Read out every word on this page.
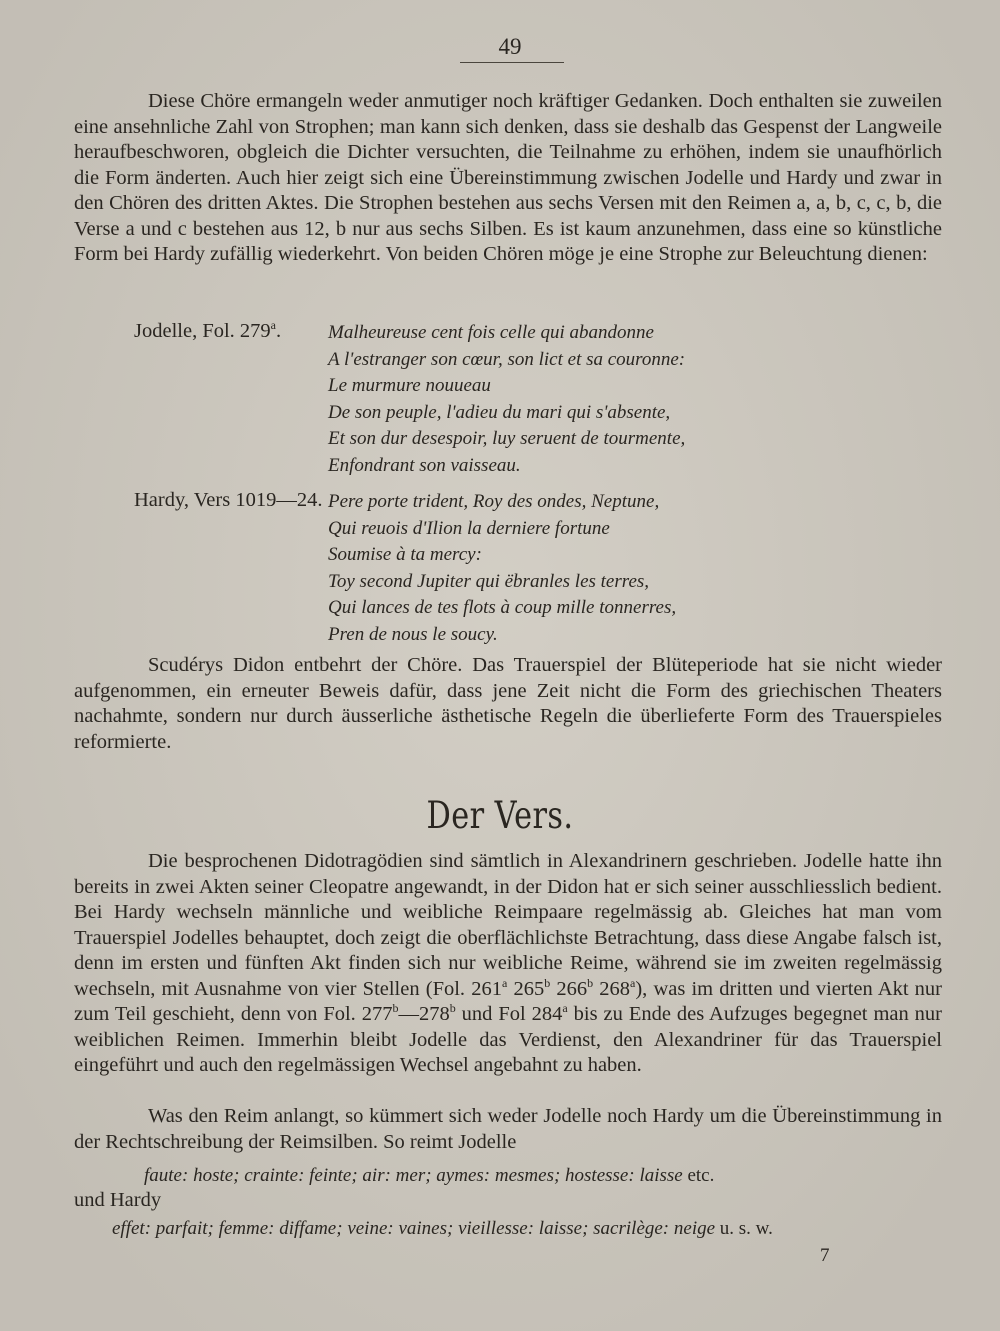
49

Diese Chöre ermangeln weder anmutiger noch kräftiger Gedanken. Doch enthalten sie zuweilen eine ansehnliche Zahl von Strophen; man kann sich denken, dass sie deshalb das Gespenst der Langweile heraufbeschworen, obgleich die Dichter versuchten, die Teilnahme zu erhöhen, indem sie unaufhörlich die Form änderten. Auch hier zeigt sich eine Übereinstimmung zwischen Jodelle und Hardy und zwar in den Chören des dritten Aktes. Die Strophen bestehen aus sechs Versen mit den Reimen a, a, b, c, c, b, die Verse a und c bestehen aus 12, b nur aus sechs Silben. Es ist kaum anzunehmen, dass eine so künstliche Form bei Hardy zufällig wiederkehrt. Von beiden Chören möge je eine Strophe zur Beleuchtung dienen:

Jodelle, Fol. 279$^a$. Malheureuse cent fois celle qui abandonne
A l'estranger son cœur, son lict et sa couronne:
Le murmure nouueau
De son peuple, l'adieu du mari qui s'absente,
Et son dur desespoir, luy seruent de tourmente,
Enfondrant son vaisseau.
Hardy, Vers 1019—24. Pere porte trident, Roy des ondes, Neptune,
Qui reuois d'Ilion la derniere fortune
Soumise à ta mercy:
Toy second Jupiter qui ëbranles les terres,
Qui lances de tes flots à coup mille tonnerres,
Pren de nous le soucy.

Scudérys Didon entbehrt der Chöre. Das Trauerspiel der Blüteperiode hat sie nicht wieder aufgenommen, ein erneuter Beweis dafür, dass jene Zeit nicht die Form des griechischen Theaters nachahmte, sondern nur durch äusserliche ästhetische Regeln die überlieferte Form des Trauerspieles reformierte.

Der Vers.

Die besprochenen Didotragödien sind sämtlich in Alexandrinern geschrieben. Jodelle hatte ihn bereits in zwei Akten seiner Cleopatre angewandt, in der Didon hat er sich seiner ausschliesslich bedient. Bei Hardy wechseln männliche und weibliche Reimpaare regelmässig ab. Gleiches hat man vom Trauerspiel Jodelles behauptet, doch zeigt die oberflächlichste Betrachtung, dass diese Angabe falsch ist, denn im ersten und fünften Akt finden sich nur weibliche Reime, während sie im zweiten regelmässig wechseln, mit Ausnahme von vier Stellen (Fol. 261$^a$ 265$^b$ 266$^b$ 268$^a$), was im dritten und vierten Akt nur zum Teil geschieht, denn von Fol. 277$^b$—278$^b$ und Fol 284$^a$ bis zu Ende des Aufzuges begegnet man nur weiblichen Reimen. Immerhin bleibt Jodelle das Verdienst, den Alexandriner für das Trauerspiel eingeführt und auch den regelmässigen Wechsel angebahnt zu haben.

Was den Reim anlangt, so kümmert sich weder Jodelle noch Hardy um die Übereinstimmung in der Rechtschreibung der Reimsilben. So reimt Jodelle

faute: hoste; crainte: feinte; air: mer; aymes: mesmes; hostesse: laisse etc.
und Hardy
effet: parfait; femme: diffame; veine: vaines; vieillesse: laisse; sacrilège: neige u. s. w.
7
